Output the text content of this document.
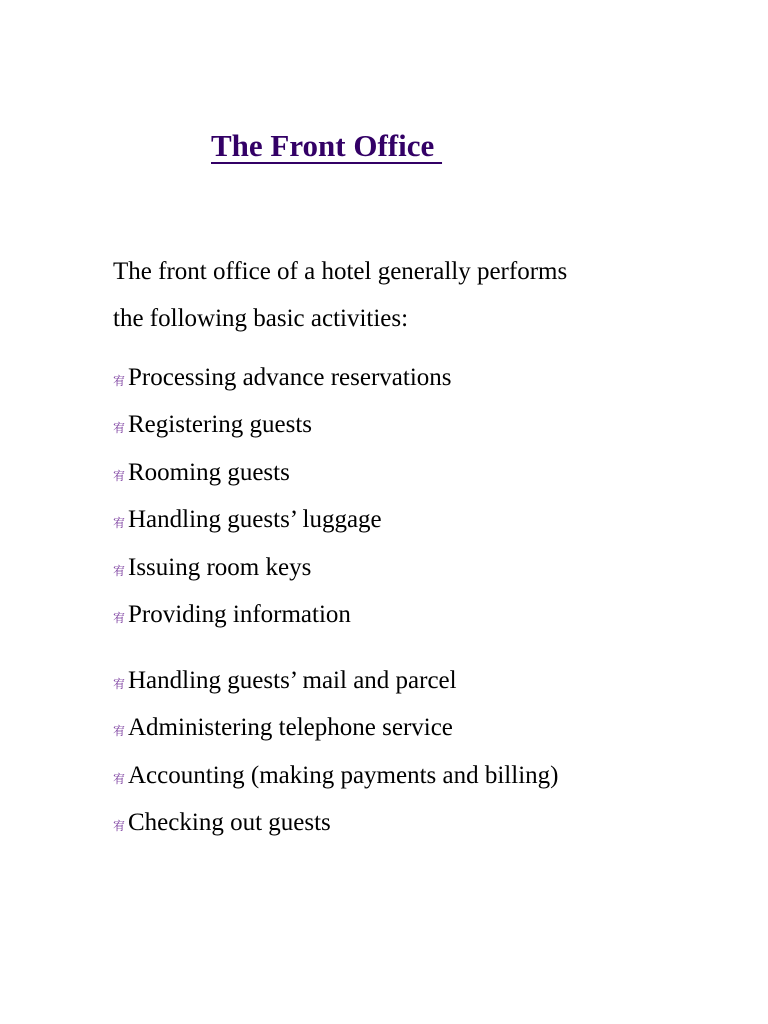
The Front Office

The front office of a hotel generally performs
the following basic activities:

宥 Processing advance reservations
宥 Registering guests
宥 Rooming guests
宥 Handling guests’ luggage
宥 Issuing room keys
宥 Providing information
宥 Handling guests’ mail and parcel
宥 Administering telephone service
宥 Accounting (making payments and billing)
宥 Checking out guests
